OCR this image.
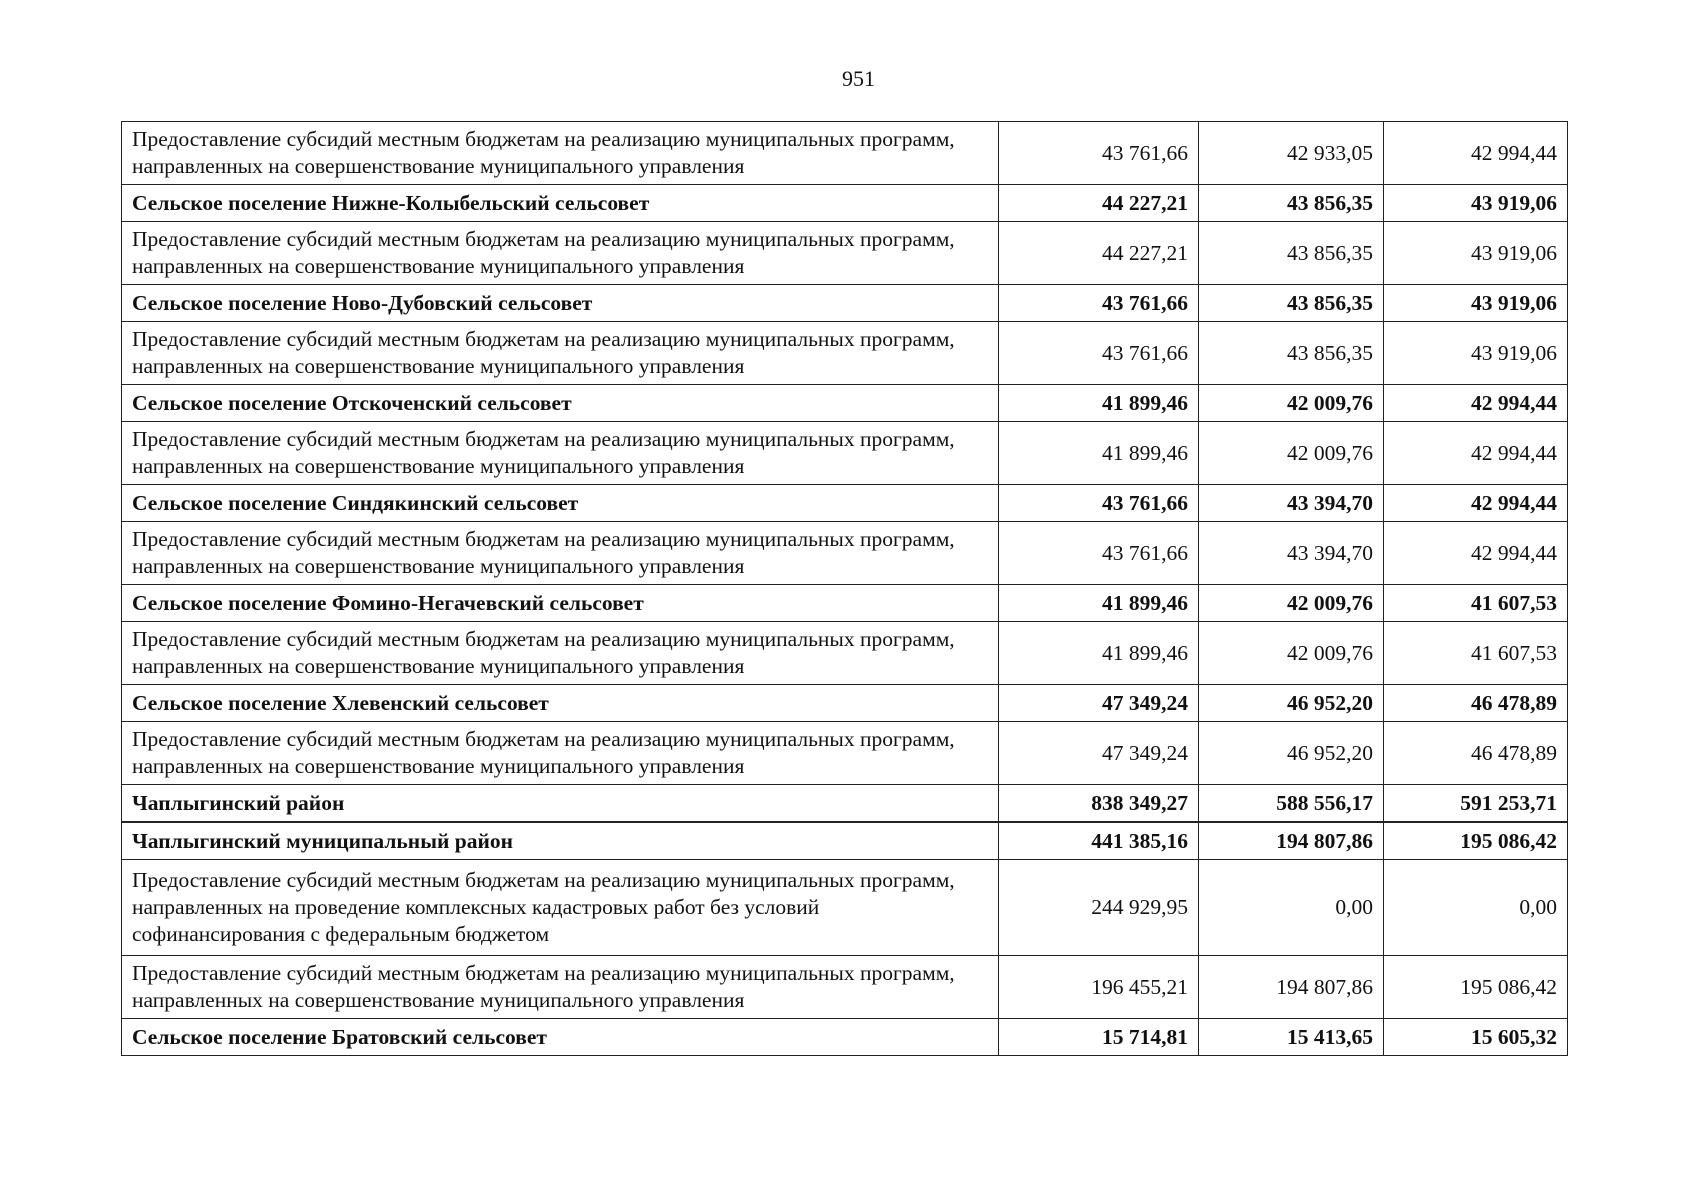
951
Предоставление субсидий местным бюджетам на реализацию муниципальных программ, направленных на совершенствование муниципального управления	43 761,66	42 933,05	42 994,44
Сельское поселение Нижне-Колыбельский сельсовет	44 227,21	43 856,35	43 919,06
Предоставление субсидий местным бюджетам на реализацию муниципальных программ, направленных на совершенствование муниципального управления	44 227,21	43 856,35	43 919,06
Сельское поселение Ново-Дубовский сельсовет	43 761,66	43 856,35	43 919,06
Предоставление субсидий местным бюджетам на реализацию муниципальных программ, направленных на совершенствование муниципального управления	43 761,66	43 856,35	43 919,06
Сельское поселение Отскоченский сельсовет	41 899,46	42 009,76	42 994,44
Предоставление субсидий местным бюджетам на реализацию муниципальных программ, направленных на совершенствование муниципального управления	41 899,46	42 009,76	42 994,44
Сельское поселение Синдякинский сельсовет	43 761,66	43 394,70	42 994,44
Предоставление субсидий местным бюджетам на реализацию муниципальных программ, направленных на совершенствование муниципального управления	43 761,66	43 394,70	42 994,44
Сельское поселение Фомино-Негачевский сельсовет	41 899,46	42 009,76	41 607,53
Предоставление субсидий местным бюджетам на реализацию муниципальных программ, направленных на совершенствование муниципального управления	41 899,46	42 009,76	41 607,53
Сельское поселение Хлевенский сельсовет	47 349,24	46 952,20	46 478,89
Предоставление субсидий местным бюджетам на реализацию муниципальных программ, направленных на совершенствование муниципального управления	47 349,24	46 952,20	46 478,89
Чаплыгинский район	838 349,27	588 556,17	591 253,71
Чаплыгинский муниципальный район	441 385,16	194 807,86	195 086,42
Предоставление субсидий местным бюджетам на реализацию муниципальных программ, направленных на проведение комплексных кадастровых работ без условий софинансирования с федеральным бюджетом	244 929,95	0,00	0,00
Предоставление субсидий местным бюджетам на реализацию муниципальных программ, направленных на совершенствование муниципального управления	196 455,21	194 807,86	195 086,42
Сельское поселение Братовский сельсовет	15 714,81	15 413,65	15 605,32
